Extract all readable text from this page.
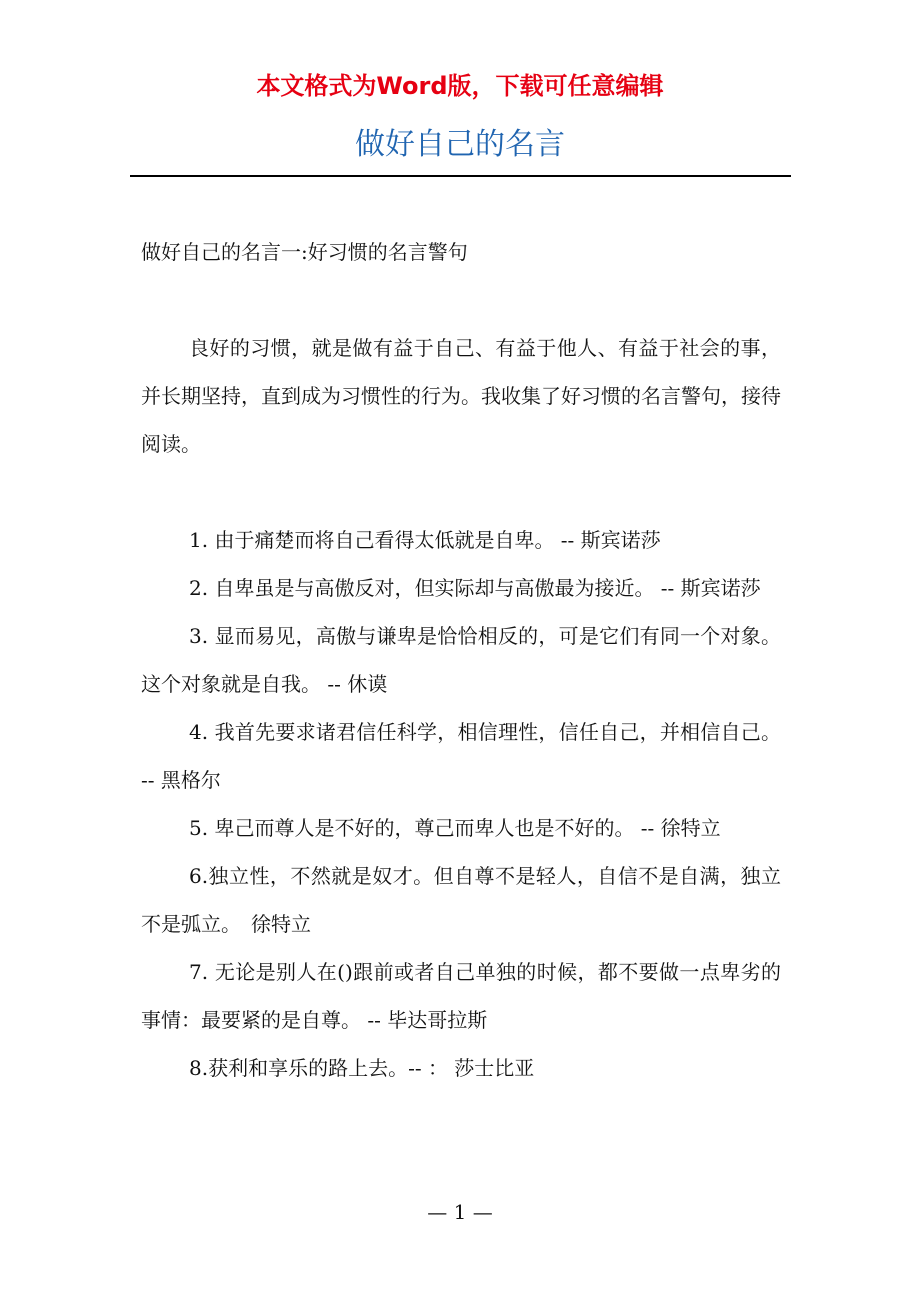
本文格式为Word版，下载可任意编辑
做好自己的名言

做好自己的名言一:好习惯的名言警句

良好的习惯，就是做有益于自己、有益于他人、有益于社会的事，并长期坚持，直到成为习惯性的行为。我收集了好习惯的名言警句，接待阅读。

1. 由于痛楚而将自己看得太低就是自卑。 -- 斯宾诺莎

2. 自卑虽是与高傲反对，但实际却与高傲最为接近。 -- 斯宾诺莎

3. 显而易见，高傲与谦卑是恰恰相反的，可是它们有同一个对象。这个对象就是自我。 -- 休谟

4. 我首先要求诸君信任科学，相信理性，信任自己，并相信自己。 -- 黑格尔

5. 卑己而尊人是不好的，尊己而卑人也是不好的。 -- 徐特立

6.独立性，不然就是奴才。但自尊不是轻人，自信不是自满，独立不是弧立。　徐特立

7. 无论是别人在()跟前或者自己单独的时候，都不要做一点卑劣的事情：最要紧的是自尊。 -- 毕达哥拉斯

8.获利和享乐的路上去。-- ： 莎士比亚

— 1 —
